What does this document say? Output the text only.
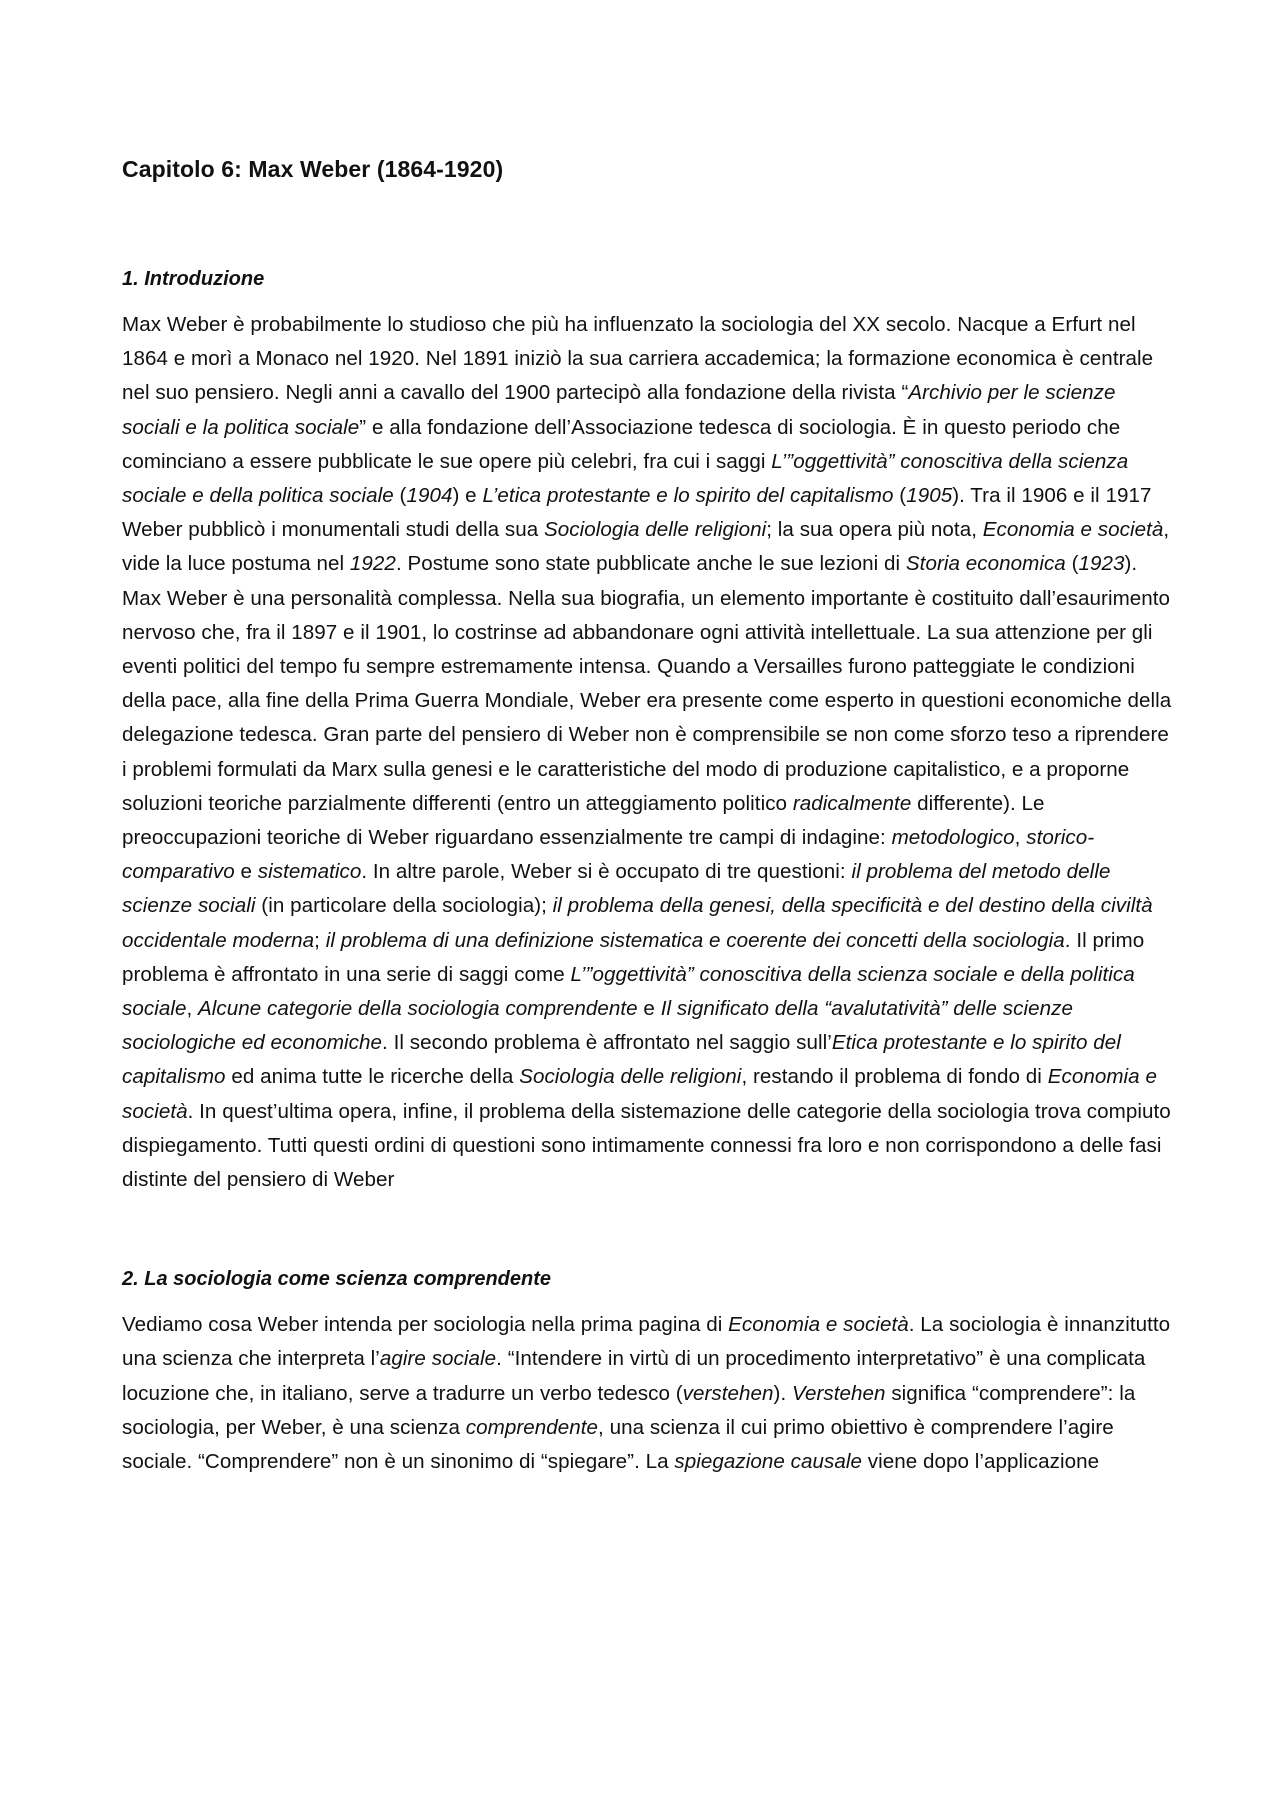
Capitolo 6: Max Weber (1864-1920)
1. Introduzione

Max Weber è probabilmente lo studioso che più ha influenzato la sociologia del XX secolo. Nacque a Erfurt nel 1864 e morì a Monaco nel 1920. Nel 1891 iniziò la sua carriera accademica; la formazione economica è centrale nel suo pensiero. Negli anni a cavallo del 1900 partecipò alla fondazione della rivista “Archivio per le scienze sociali e la politica sociale” e alla fondazione dell’Associazione tedesca di sociologia. È in questo periodo che cominciano a essere pubblicate le sue opere più celebri, fra cui i saggi L’”oggettività” conoscitiva della scienza sociale e della politica sociale (1904) e L’etica protestante e lo spirito del capitalismo (1905). Tra il 1906 e il 1917 Weber pubblicò i monumentali studi della sua Sociologia delle religioni; la sua opera più nota, Economia e società, vide la luce postuma nel 1922. Postume sono state pubblicate anche le sue lezioni di Storia economica (1923). Max Weber è una personalità complessa. Nella sua biografia, un elemento importante è costituito dall’esaurimento nervoso che, fra il 1897 e il 1901, lo costrinse ad abbandonare ogni attività intellettuale. La sua attenzione per gli eventi politici del tempo fu sempre estremamente intensa. Quando a Versailles furono patteggiate le condizioni della pace, alla fine della Prima Guerra Mondiale, Weber era presente come esperto in questioni economiche della delegazione tedesca. Gran parte del pensiero di Weber non è comprensibile se non come sforzo teso a riprendere i problemi formulati da Marx sulla genesi e le caratteristiche del modo di produzione capitalistico, e a proporne soluzioni teoriche parzialmente differenti (entro un atteggiamento politico radicalmente differente). Le preoccupazioni teoriche di Weber riguardano essenzialmente tre campi di indagine: metodologico, storico-comparativo e sistematico. In altre parole, Weber si è occupato di tre questioni: il problema del metodo delle scienze sociali (in particolare della sociologia); il problema della genesi, della specificità e del destino della civiltà occidentale moderna; il problema di una definizione sistematica e coerente dei concetti della sociologia. Il primo problema è affrontato in una serie di saggi come L’”oggettività” conoscitiva della scienza sociale e della politica sociale, Alcune categorie della sociologia comprendente e Il significato della “avalutatività” delle scienze sociologiche ed economiche. Il secondo problema è affrontato nel saggio sull’Etica protestante e lo spirito del capitalismo ed anima tutte le ricerche della Sociologia delle religioni, restando il problema di fondo di Economia e società. In quest’ultima opera, infine, il problema della sistemazione delle categorie della sociologia trova compiuto dispiegamento. Tutti questi ordini di questioni sono intimamente connessi fra loro e non corrispondono a delle fasi distinte del pensiero di Weber

2. La sociologia come scienza comprendente

Vediamo cosa Weber intenda per sociologia nella prima pagina di Economia e società. La sociologia è innanzitutto una scienza che interpreta l’agire sociale. “Intendere in virtù di un procedimento interpretativo” è una complicata locuzione che, in italiano, serve a tradurre un verbo tedesco (verstehen). Verstehen significa “comprendere”: la sociologia, per Weber, è una scienza comprendente, una scienza il cui primo obiettivo è comprendere l’agire sociale. “Comprendere” non è un sinonimo di “spiegare”. La spiegazione causale viene dopo l’applicazione
